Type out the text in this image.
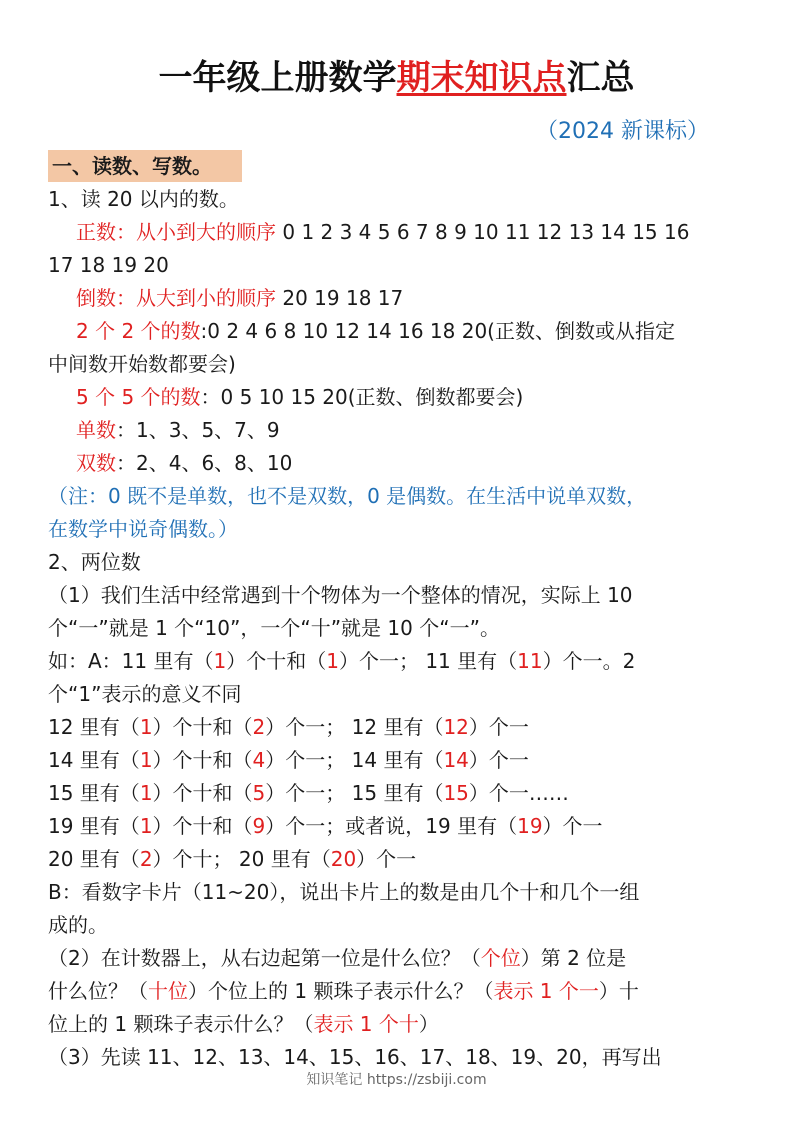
一年级上册数学期末知识点汇总
（2024 新课标）
一、读数、写数。
1、读 20 以内的数。
正数：从小到大的顺序 0 1 2 3 4 5 6 7 8 9 10 11 12 13 14 15 16
17 18 19 20
倒数：从大到小的顺序 20 19 18 17
2 个 2 个的数:0 2 4 6 8 10 12 14 16 18 20(正数、倒数或从指定
中间数开始数都要会)
5 个 5 个的数：0 5 10 15 20(正数、倒数都要会)
单数：1、3、5、7、9
双数：2、4、6、8、10
（注：0 既不是单数，也不是双数，0 是偶数。在生活中说单双数，
在数学中说奇偶数。）
2、两位数
（1）我们生活中经常遇到十个物体为一个整体的情况，实际上 10
个“一”就是 1 个“10”，一个“十”就是 10 个“一”。
如：A：11 里有（1）个十和（1）个一； 11 里有（11）个一。2
个“1”表示的意义不同
12 里有（1）个十和（2）个一； 12 里有（12）个一
14 里有（1）个十和（4）个一； 14 里有（14）个一
15 里有（1）个十和（5）个一； 15 里有（15）个一……
19 里有（1）个十和（9）个一；或者说，19 里有（19）个一
20 里有（2）个十； 20 里有（20）个一
B：看数字卡片（11~20），说出卡片上的数是由几个十和几个一组
成的。
（2）在计数器上，从右边起第一位是什么位？（个位）第 2 位是
什么位？（十位）个位上的 1 颗珠子表示什么？（表示 1 个一）十
位上的 1 颗珠子表示什么？（表示 1 个十）
（3）先读 11、12、13、14、15、16、17、18、19、20，再写出
知识笔记 https://zsbiji.com
